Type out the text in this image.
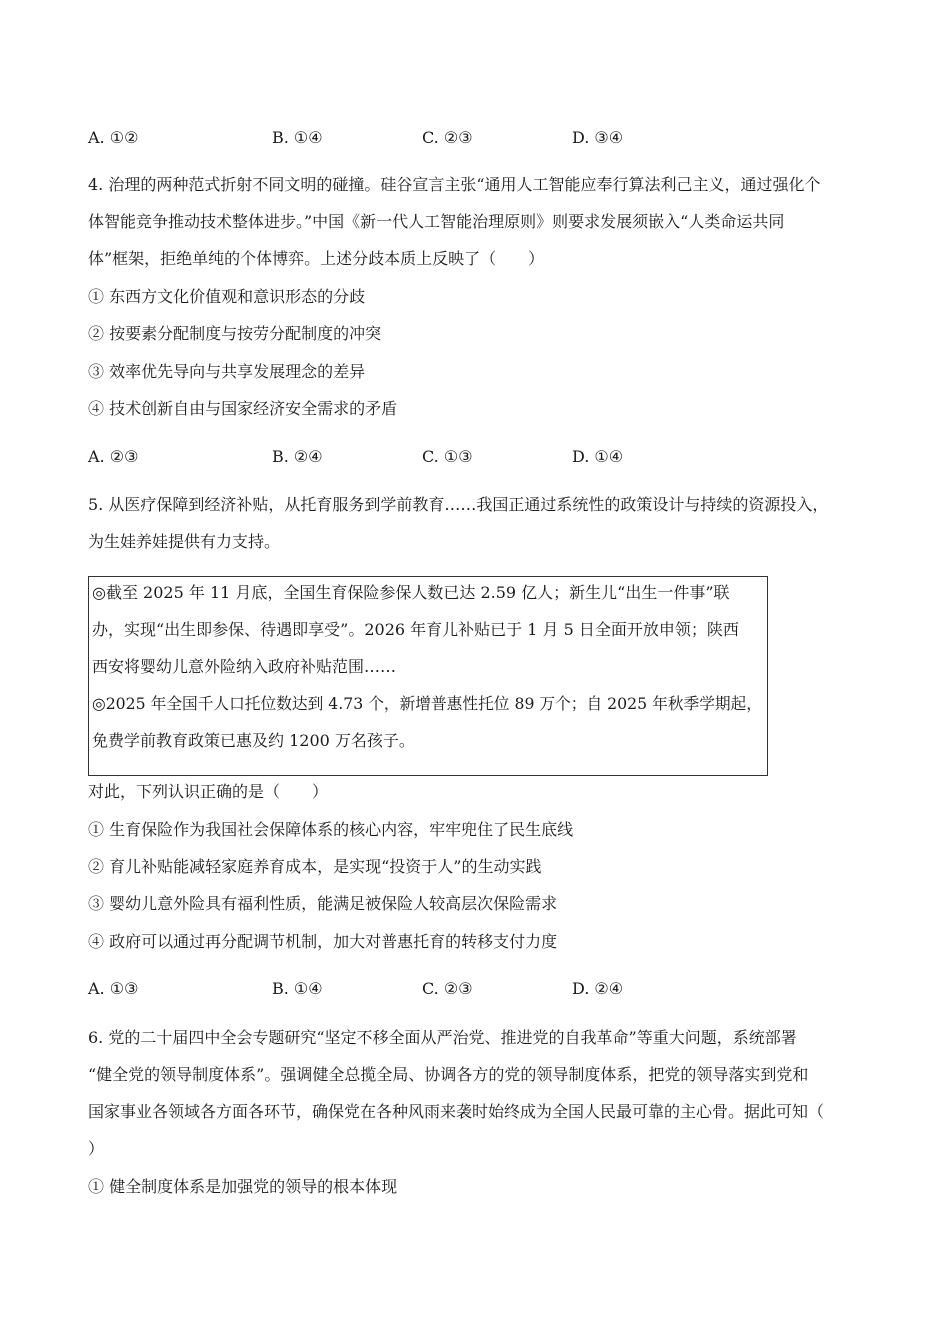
A. ①②	B. ①④	C. ②③	D. ③④
4. 治理的两种范式折射不同文明的碰撞。硅谷宣言主张“通用人工智能应奉行算法利己主义，通过强化个
体智能竞争推动技术整体进步。”中国《新一代人工智能治理原则》则要求发展须嵌入“人类命运共同
体”框架，拒绝单纯的个体博弈。上述分歧本质上反映了（　　）
① 东西方文化价值观和意识形态的分歧
② 按要素分配制度与按劳分配制度的冲突
③ 效率优先导向与共享发展理念的差异
④ 技术创新自由与国家经济安全需求的矛盾
A. ②③	B. ②④	C. ①③	D. ①④
5. 从医疗保障到经济补贴，从托育服务到学前教育……我国正通过系统性的政策设计与持续的资源投入，
为生娃养娃提供有力支持。
◎截至 2025 年 11 月底，全国生育保险参保人数已达 2.59 亿人；新生儿“出生一件事”联
办，实现“出生即参保、待遇即享受”。2026 年育儿补贴已于 1 月 5 日全面开放申领；陕西
西安将婴幼儿意外险纳入政府补贴范围……
◎2025 年全国千人口托位数达到 4.73 个，新增普惠性托位 89 万个；自 2025 年秋季学期起，
免费学前教育政策已惠及约 1200 万名孩子。
对此，下列认识正确的是（　　）
① 生育保险作为我国社会保障体系的核心内容，牢牢兜住了民生底线
② 育儿补贴能减轻家庭养育成本，是实现“投资于人”的生动实践
③ 婴幼儿意外险具有福利性质，能满足被保险人较高层次保险需求
④ 政府可以通过再分配调节机制，加大对普惠托育的转移支付力度
A. ①③	B. ①④	C. ②③	D. ②④
6. 党的二十届四中全会专题研究“坚定不移全面从严治党、推进党的自我革命”等重大问题，系统部署
“健全党的领导制度体系”。强调健全总揽全局、协调各方的党的领导制度体系，把党的领导落实到党和
国家事业各领域各方面各环节，确保党在各种风雨来袭时始终成为全国人民最可靠的主心骨。据此可知（
）
① 健全制度体系是加强党的领导的根本体现
